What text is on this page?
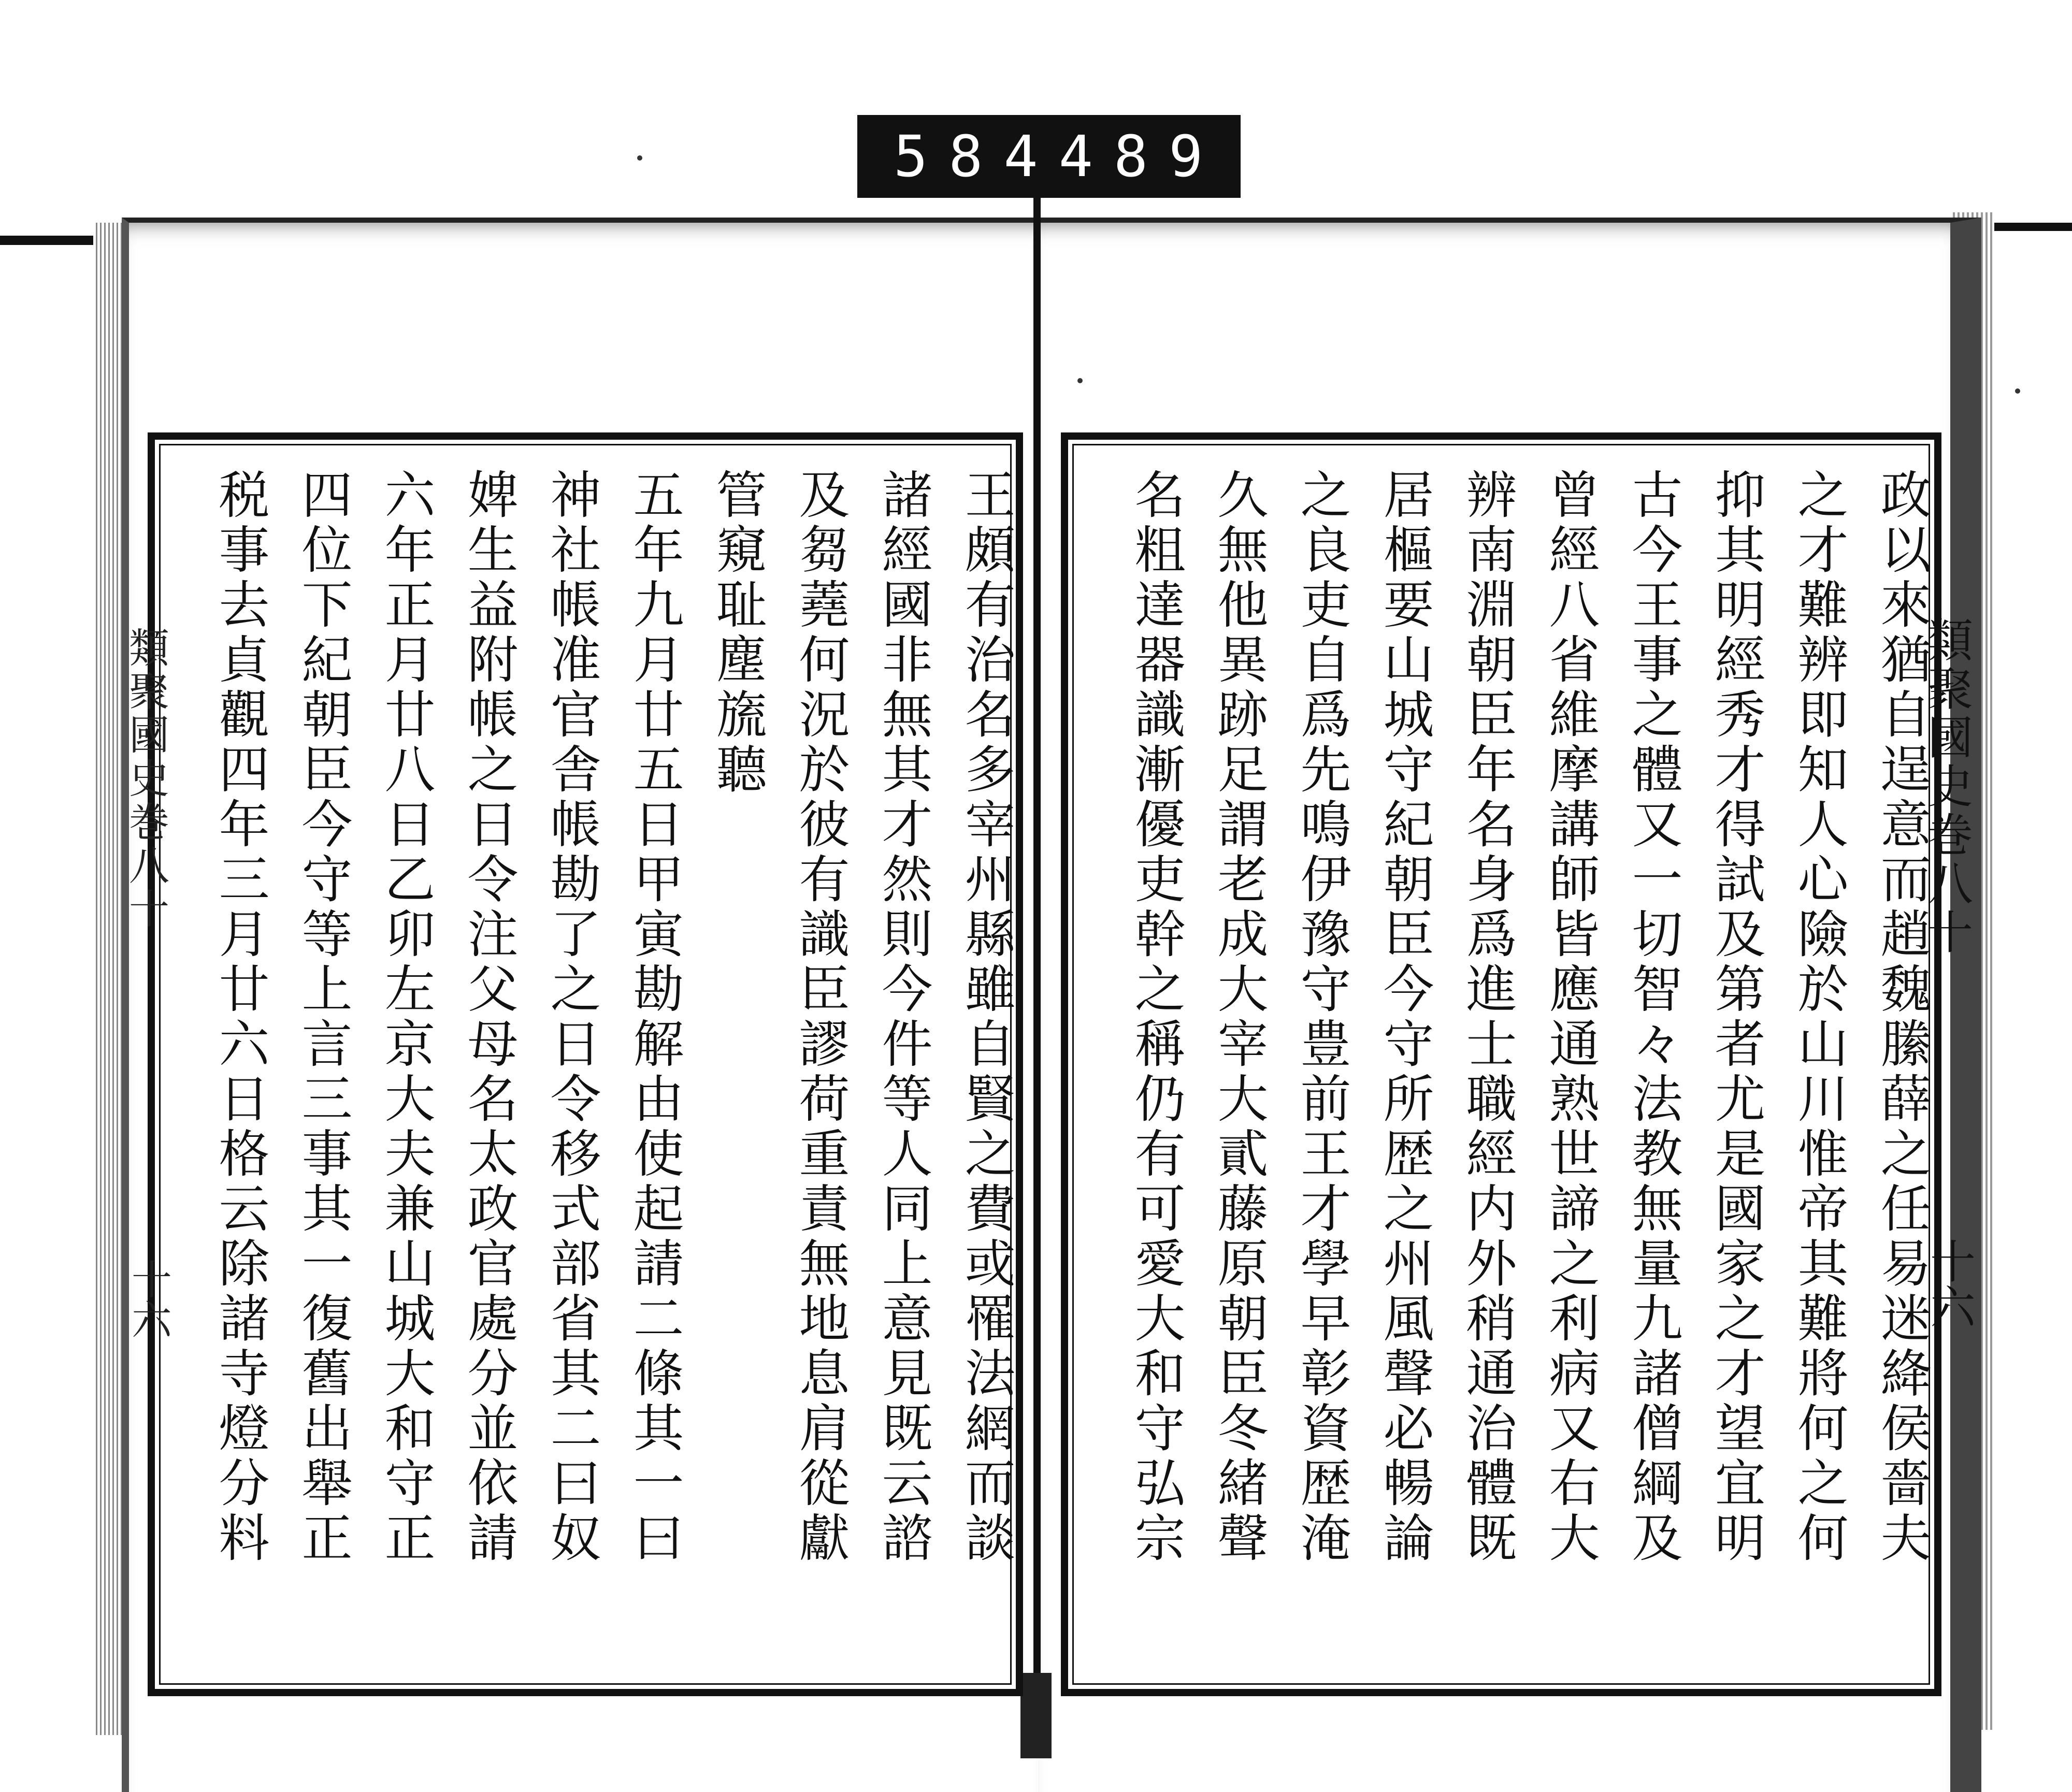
584 489
王頗有治名多宰州縣雖自賢之費或罹法網而談
諸經國非無其才然則今件等人同上意見既云諮
及芻蕘何況於彼有識臣謬荷重責無地息肩從獻
管窺耻塵旒聽
五年九月廿五日甲寅勘解由使起請二條其一曰
神社帳准官舎帳勘了之日令移式部省其二曰奴
婢生益附帳之日令注父母名太政官處分並依請
六年正月廿八日乙卯左京大夫兼山城大和守正
四位下紀朝臣今守等上言三事其一復舊出舉正
税事去貞觀四年三月廿六日格云除諸寺燈分料	政以來猶自逞意而趙魏縢薛之任易迷絳侯嗇夫
之才難辨即知人心險於山川惟帝其難將何之何
抑其明經秀才得試及第者尤是國家之才望宜明
古今王事之體又一切智々法教無量九諸僧綱及
曾經八省維摩講師皆應通熟世諦之利病又右大
辨南淵朝臣年名身爲進士職經内外稍通治體既
居樞要山城守紀朝臣今守所歴之州風聲必暢論
之良吏自爲先鳴伊豫守豊前王才學早彰資歴淹
久無他異跡足謂老成大宰大貳藤原朝臣冬緒聲
名粗達器識漸優吏幹之稱仍有可愛大和守弘宗
類聚國史巻八十
十六
類聚國史巻八十
十六
